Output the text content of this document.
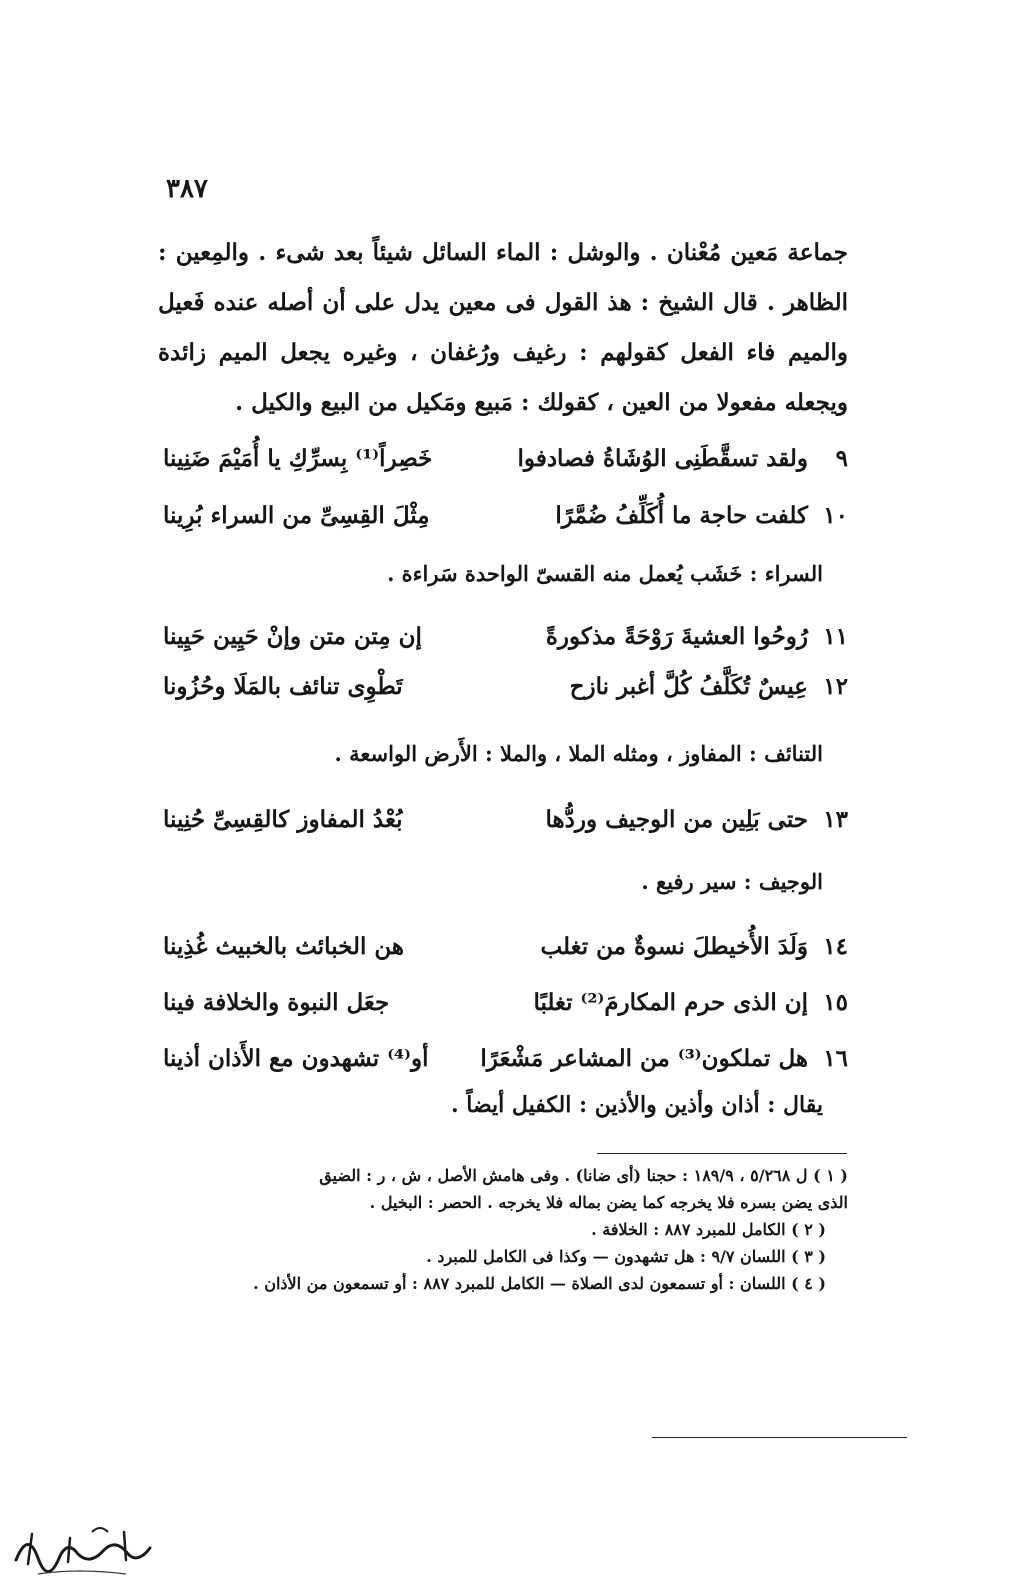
٣٨٧
جماعة مَعين مُعْنان . والوشل : الماء السائل شيئاً بعد شىء . والمِعين : الظاهر . قال الشيخ : هذ القول فى معين يدل على أن أصله عنده فَعيل والميم فاء الفعل كقولهم : رغيف ورُغفان ، وغيره يجعل الميم زائدة ويجعله مفعولا من العين ، كقولك : مَبيع ومَكيل من البيع والكيل .
٩
ولقد تسقَّطَنِى الوُشَاةُ فصادفوا
خَصِراً⁽¹⁾ بِسرِّكِ يا أُمَيْمَ ضَنِينا
١٠
كلفت حاجة ما أُكَلِّفُ ضُمَّرًا
مِثْلَ القِسِىِّ من السراء بُرِينا
السراء : خَشَب يُعمل منه القسىّ الواحدة سَراءة .
١١
رُوحُوا العشيةَ رَوْحَةً مذكورةً
إن مِتن متن وإنْ حَيِين حَيِينا
١٢
عِيسٌ تُكَلَّفُ كُلَّ أغبر نازح
تَطْوِى تنائف بالمَلَا وحُزُونا
التنائف : المفاوز ، ومثله الملا ، والملا : الأَرض الواسعة .
١٣
حتى بَلِين من الوجيف وردُّها
بُعْدُ المفاوز كالقِسِىِّ حُنِينا
الوجيف : سير رفيع .
١٤
وَلَدَ الأُخيطلَ نسوةٌ من تغلب
هن الخبائث بالخبيث غُذِينا
١٥
إن الذى حرم المكارمَ⁽²⁾ تغلبًا
جعَل النبوة والخلافة فينا
١٦
هل تملكون⁽³⁾ من المشاعر مَشْعَرًا
أو⁽⁴⁾ تشهدون مع الأَذان أذينا
يقال : أذان وأذين والأذين : الكفيل أيضاً .
( ١ ) ل ٥/٢٦٨ ، ١٨٩/٩ : حجنا (أى ضانا) . وفى هامش الأصل ، ش ، ر : الضيق
الذى يضن بسره فلا يخرجه كما يضن بماله فلا يخرجه . الحصر : البخيل .
( ٢ ) الكامل للمبرد ٨٨٧ : الخلافة .
( ٣ ) اللسان ٩/٧ : هل تشهدون — وكذا فى الكامل للمبرد .
( ٤ ) اللسان : أو تسمعون لدى الصلاة — الكامل للمبرد ٨٨٧ : أو تسمعون من الأذان .
